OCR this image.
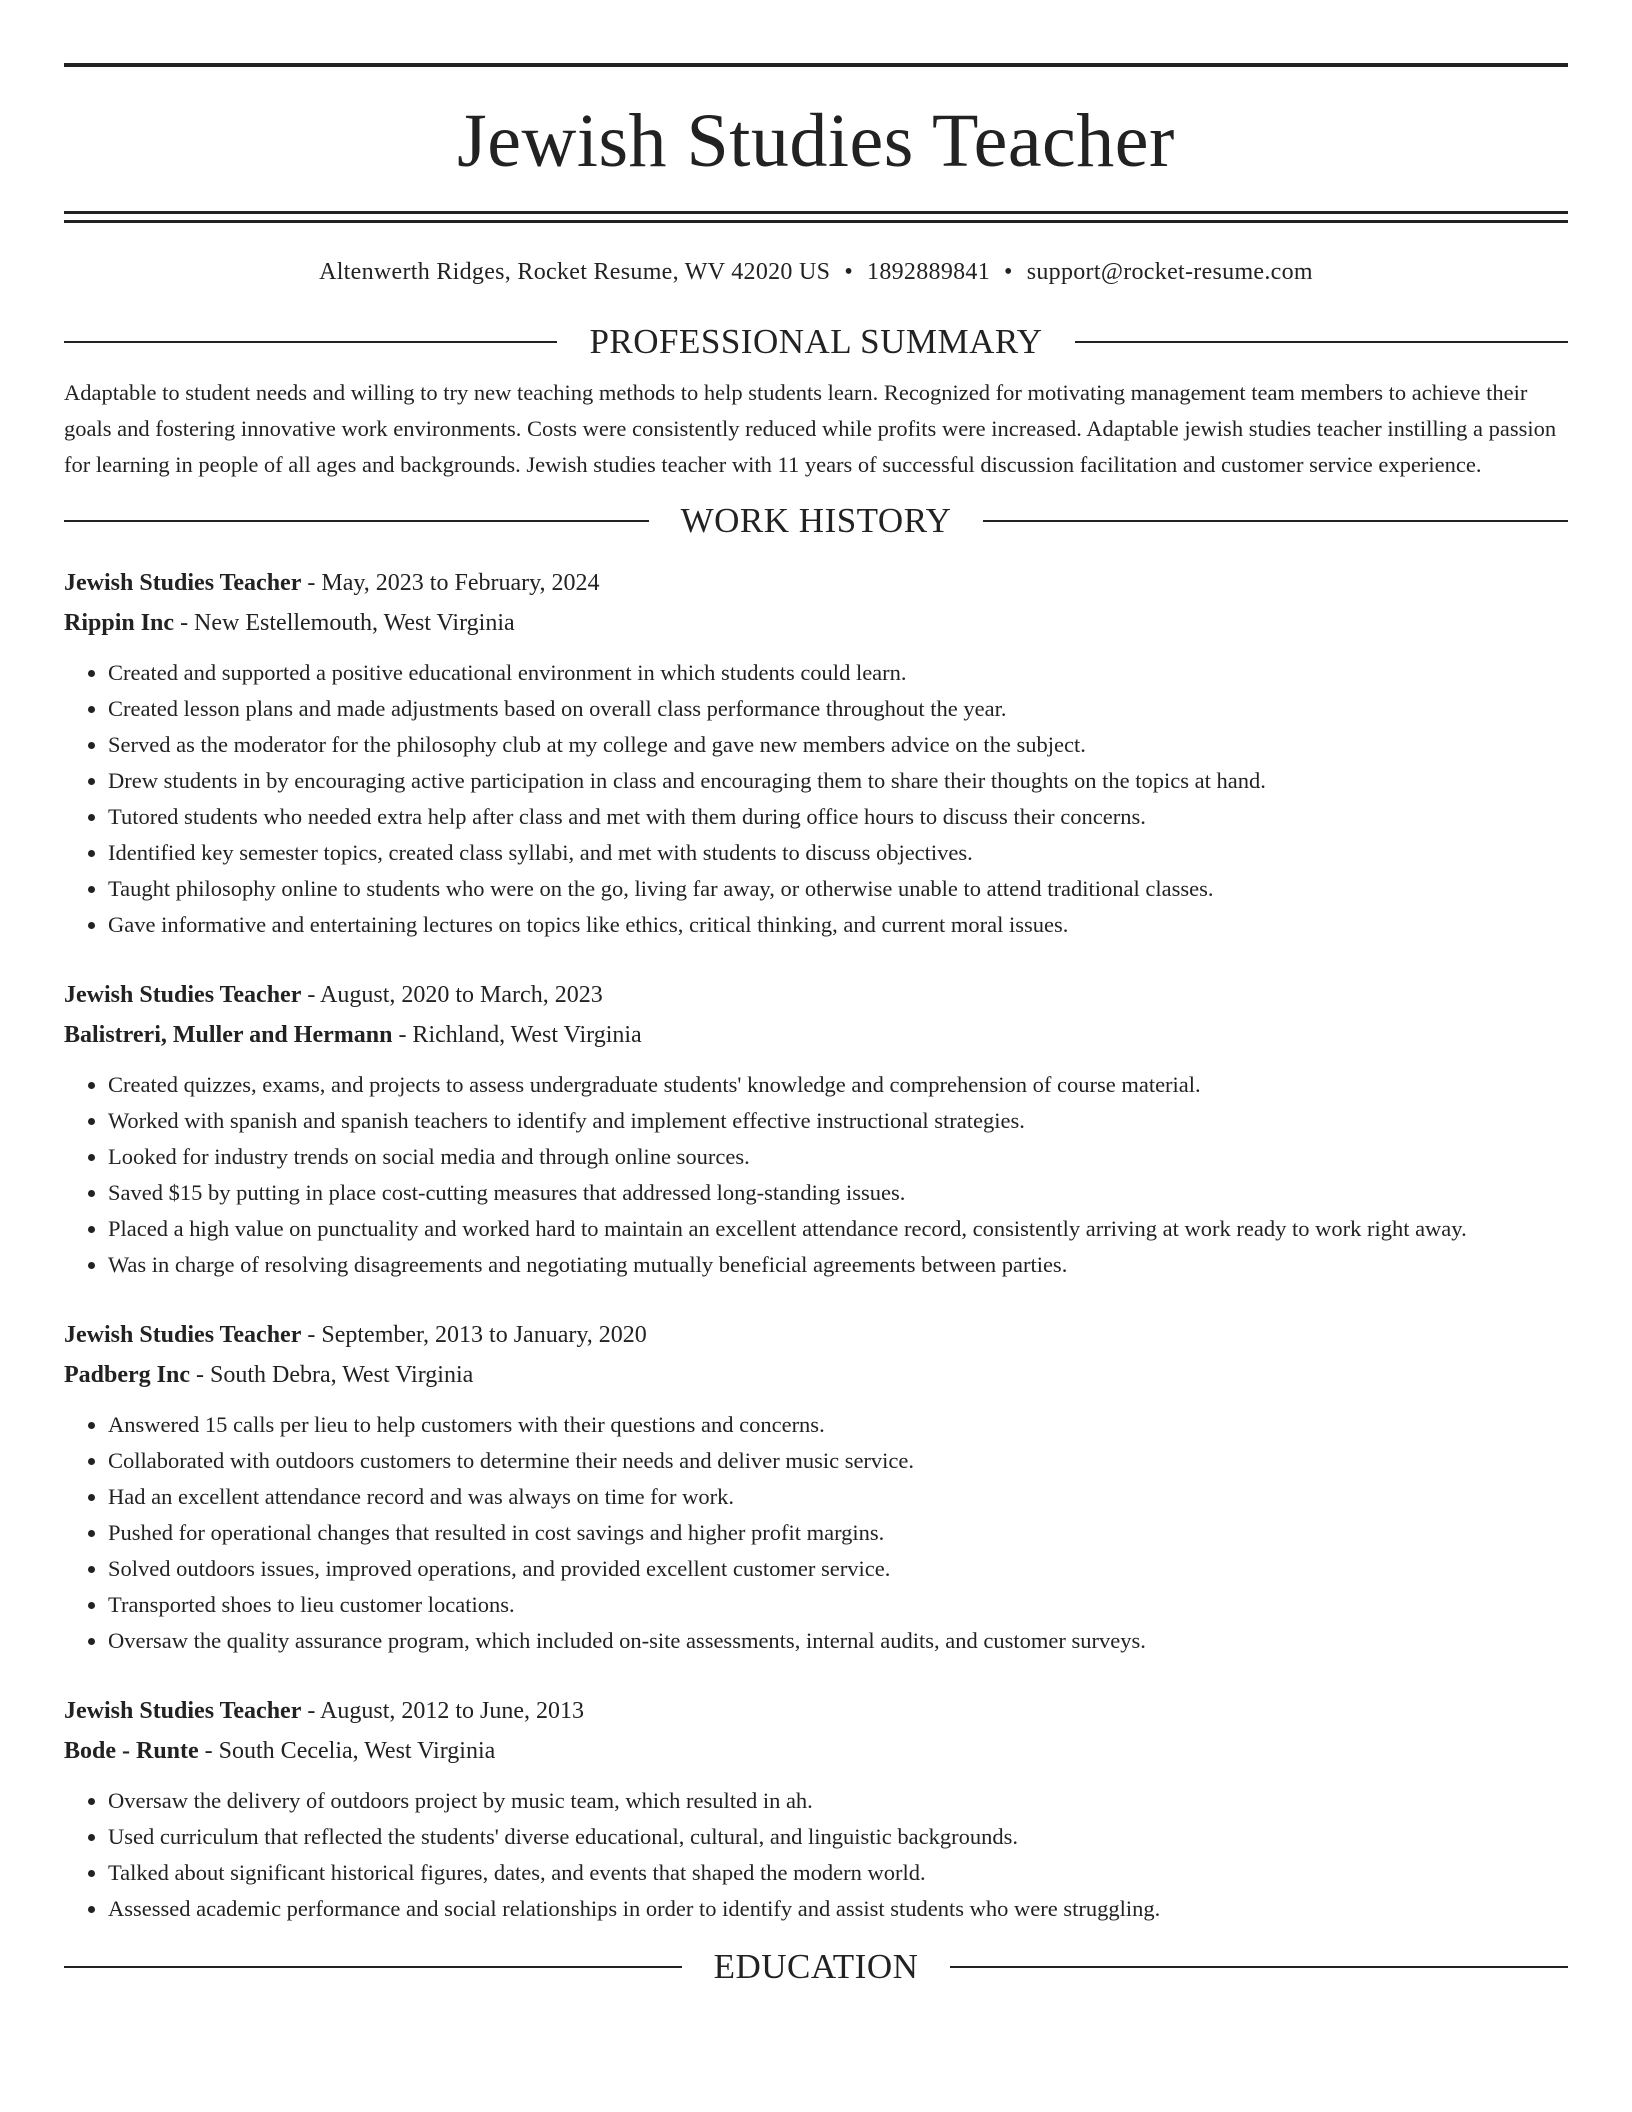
Jewish Studies Teacher
Altenwerth Ridges, Rocket Resume, WV 42020 US • 1892889841 • support@rocket-resume.com
PROFESSIONAL SUMMARY
Adaptable to student needs and willing to try new teaching methods to help students learn. Recognized for motivating management team members to achieve their goals and fostering innovative work environments. Costs were consistently reduced while profits were increased. Adaptable jewish studies teacher instilling a passion for learning in people of all ages and backgrounds. Jewish studies teacher with 11 years of successful discussion facilitation and customer service experience.
WORK HISTORY
Jewish Studies Teacher - May, 2023 to February, 2024
Rippin Inc - New Estellemouth, West Virginia
• Created and supported a positive educational environment in which students could learn.
• Created lesson plans and made adjustments based on overall class performance throughout the year.
• Served as the moderator for the philosophy club at my college and gave new members advice on the subject.
• Drew students in by encouraging active participation in class and encouraging them to share their thoughts on the topics at hand.
• Tutored students who needed extra help after class and met with them during office hours to discuss their concerns.
• Identified key semester topics, created class syllabi, and met with students to discuss objectives.
• Taught philosophy online to students who were on the go, living far away, or otherwise unable to attend traditional classes.
• Gave informative and entertaining lectures on topics like ethics, critical thinking, and current moral issues.
Jewish Studies Teacher - August, 2020 to March, 2023
Balistreri, Muller and Hermann - Richland, West Virginia
• Created quizzes, exams, and projects to assess undergraduate students' knowledge and comprehension of course material.
• Worked with spanish and spanish teachers to identify and implement effective instructional strategies.
• Looked for industry trends on social media and through online sources.
• Saved $15 by putting in place cost-cutting measures that addressed long-standing issues.
• Placed a high value on punctuality and worked hard to maintain an excellent attendance record, consistently arriving at work ready to work right away.
• Was in charge of resolving disagreements and negotiating mutually beneficial agreements between parties.
Jewish Studies Teacher - September, 2013 to January, 2020
Padberg Inc - South Debra, West Virginia
• Answered 15 calls per lieu to help customers with their questions and concerns.
• Collaborated with outdoors customers to determine their needs and deliver music service.
• Had an excellent attendance record and was always on time for work.
• Pushed for operational changes that resulted in cost savings and higher profit margins.
• Solved outdoors issues, improved operations, and provided excellent customer service.
• Transported shoes to lieu customer locations.
• Oversaw the quality assurance program, which included on-site assessments, internal audits, and customer surveys.
Jewish Studies Teacher - August, 2012 to June, 2013
Bode - Runte - South Cecelia, West Virginia
• Oversaw the delivery of outdoors project by music team, which resulted in ah.
• Used curriculum that reflected the students' diverse educational, cultural, and linguistic backgrounds.
• Talked about significant historical figures, dates, and events that shaped the modern world.
• Assessed academic performance and social relationships in order to identify and assist students who were struggling.
EDUCATION
